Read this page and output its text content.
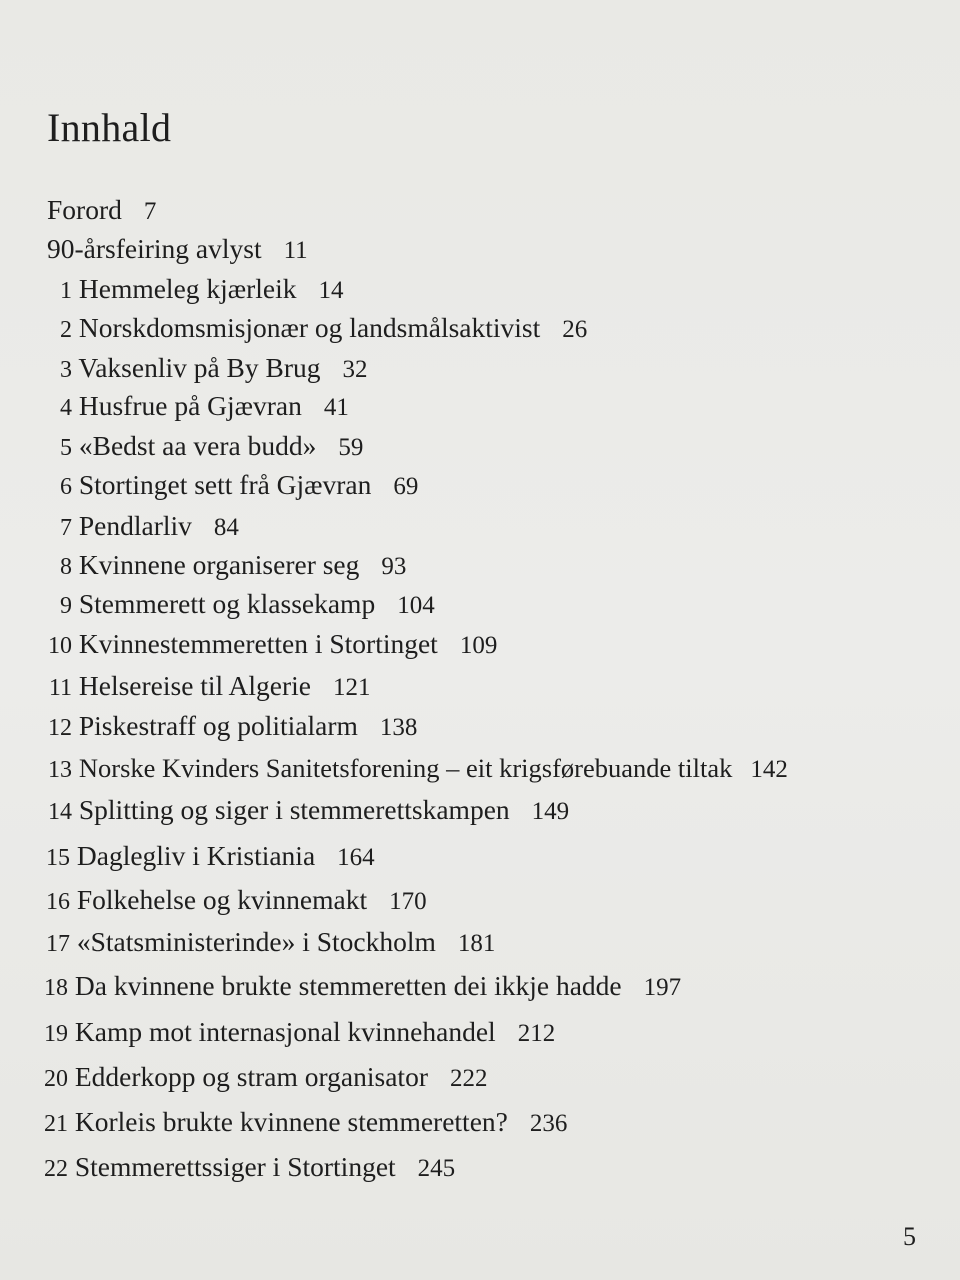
Innhald
Forord 7
90-årsfeiring avlyst 11
1 Hemmeleg kjærleik 14
2 Norskdomsmisjonær og landsmålsaktivist 26
3 Vaksenliv på By Brug 32
4 Husfrue på Gjævran 41
5 «Bedst aa vera budd» 59
6 Stortinget sett frå Gjævran 69
7 Pendlarliv 84
8 Kvinnene organiserer seg 93
9 Stemmerett og klassekamp 104
10 Kvinnestemmeretten i Stortinget 109
11 Helsereise til Algerie 121
12 Piskestraff og politialarm 138
13 Norske Kvinders Sanitetsforening – eit krigsførebuande tiltak 142
14 Splitting og siger i stemmerettskampen 149
15 Daglegliv i Kristiania 164
16 Folkehelse og kvinnemakt 170
17 «Statsministerinde» i Stockholm 181
18 Da kvinnene brukte stemmeretten dei ikkje hadde 197
19 Kamp mot internasjonal kvinnehandel 212
20 Edderkopp og stram organisator 222
21 Korleis brukte kvinnene stemmeretten? 236
22 Stemmerettssiger i Stortinget 245
5
